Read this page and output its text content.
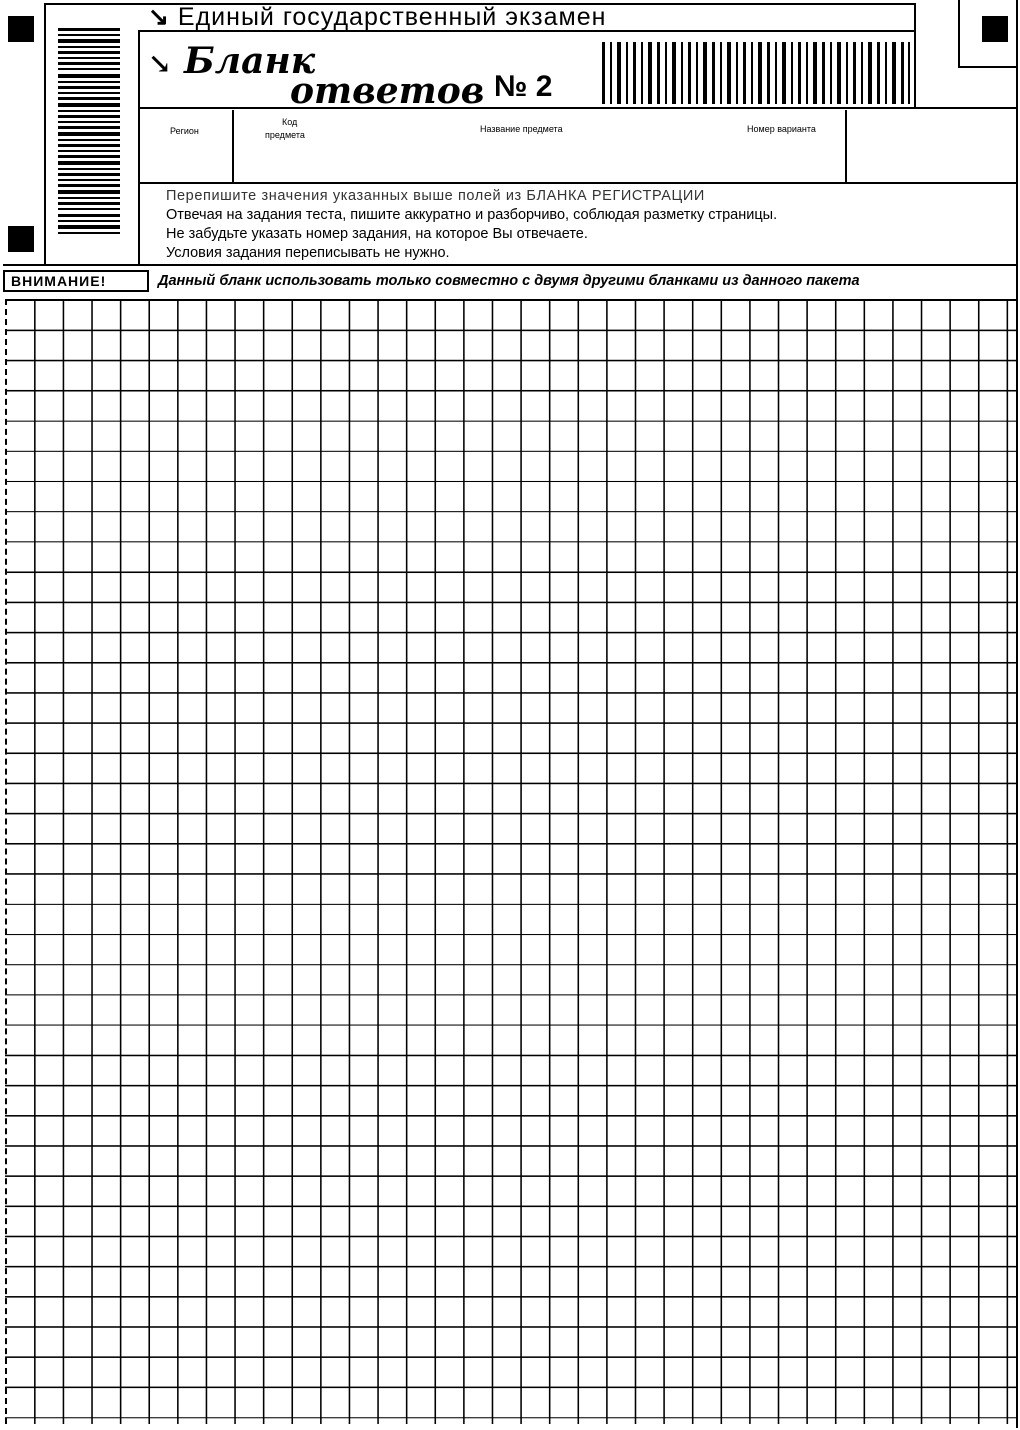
↘ Единый государственный экзамен
↘ Бланк
ответов № 2
Регион
Код
предмета
Название предмета	Номер варианта
Перепишите значения указанных выше полей из БЛАНКА РЕГИСТРАЦИИ
Отвечая на задания теста, пишите аккуратно и разборчиво, соблюдая разметку страницы.
Не забудьте указать номер задания, на которое Вы отвечаете.
Условия задания переписывать не нужно.
ВНИМАНИЕ!	Данный бланк использовать только совместно с двумя другими бланками из данного пакета
